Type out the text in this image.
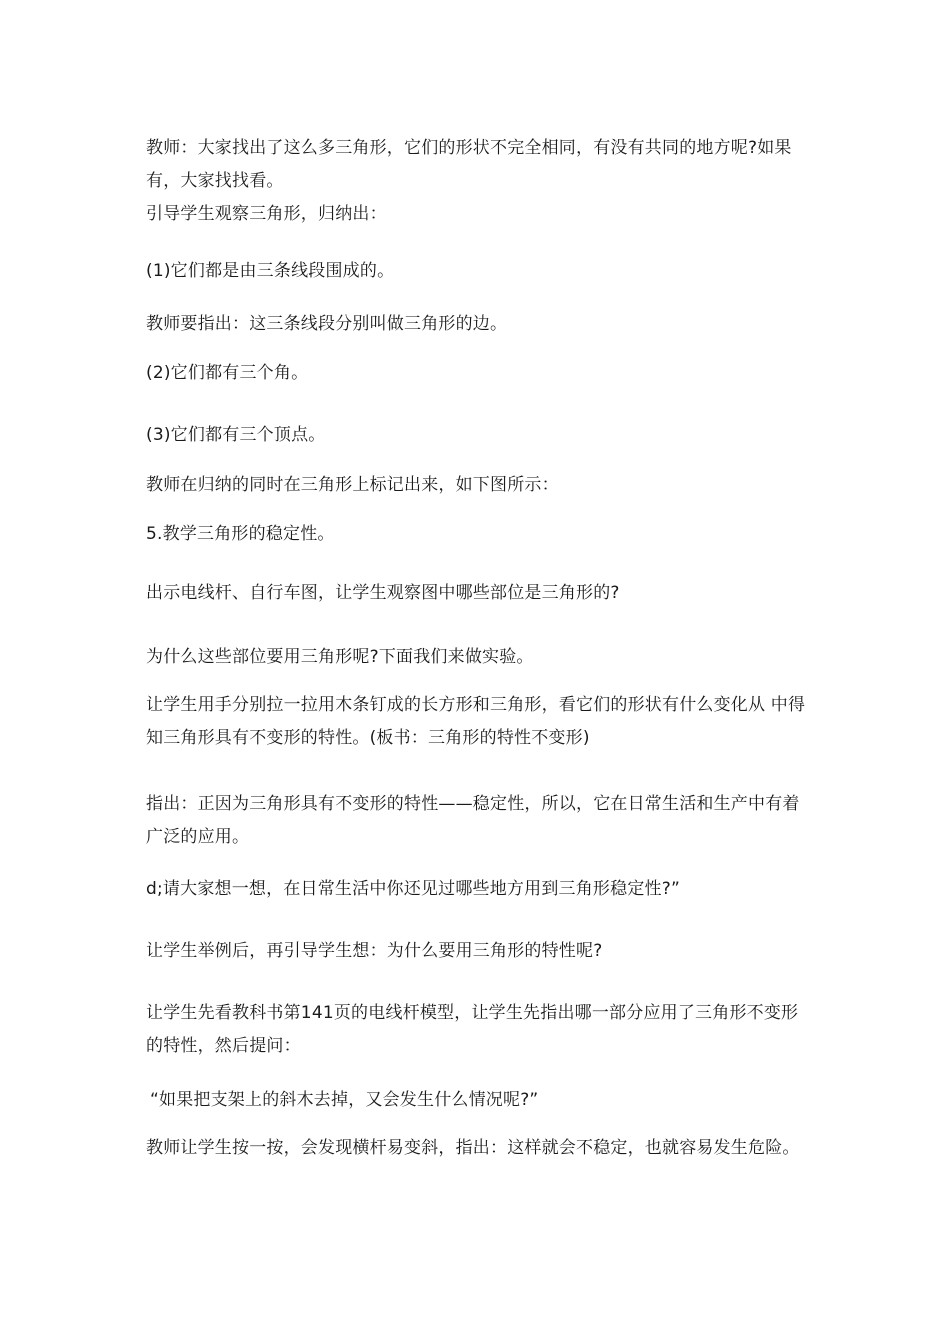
教师：大家找出了这么多三角形，它们的形状不完全相同，有没有共同的地方呢?如果有，大家找找看。
引导学生观察三角形，归纳出：
(1)它们都是由三条线段围成的。
教师要指出：这三条线段分别叫做三角形的边。
(2)它们都有三个角。
(3)它们都有三个顶点。
教师在归纳的同时在三角形上标记出来，如下图所示：
5.教学三角形的稳定性。
出示电线杆、自行车图，让学生观察图中哪些部位是三角形的?
为什么这些部位要用三角形呢?下面我们来做实验。
让学生用手分别拉一拉用木条钉成的长方形和三角形，看它们的形状有什么变化从 中得知三角形具有不变形的特性。(板书：三角形的特性不变形)
指出：正因为三角形具有不变形的特性——稳定性，所以，它在日常生活和生产中有着广泛的应用。
d;请大家想一想，在日常生活中你还见过哪些地方用到三角形稳定性?”
让学生举例后，再引导学生想：为什么要用三角形的特性呢?
让学生先看教科书第141页的电线杆模型，让学生先指出哪一部分应用了三角形不变形的特性，然后提问：
“如果把支架上的斜木去掉，又会发生什么情况呢?”
教师让学生按一按，会发现横杆易变斜，指出：这样就会不稳定，也就容易发生危险。
